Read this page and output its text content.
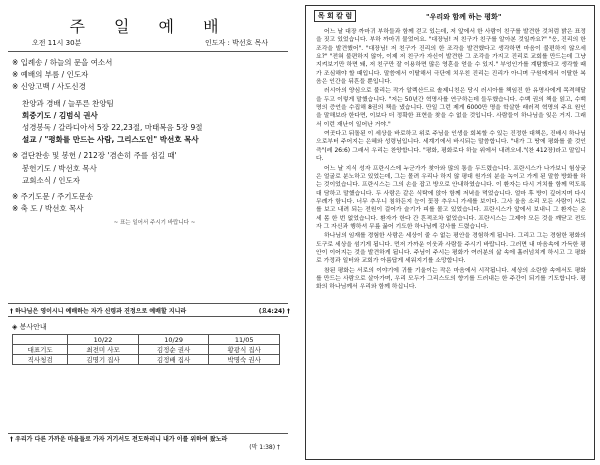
주 일 예 배
오전 11시 30분	인도자 : 박선호 목사
※ 입례송 / 하늘의 문을 여소서
※ 예배의 부름 / 인도자
※ 신앙고백 / 사도신경
찬양과 경배 / 늘푸른 찬양팀
회중기도 / 김범식 권사
성경봉독 / 갈라디아서 5장 22,23절, 마태복음 5장 9절
설교 / "평화를 만드는 사람, 그리스도인" 박선호 목사
※ 결단찬송 및 봉헌 / 212장 '겸손히 주를 섬길 때'
봉헌기도 / 박선호 목사
교회소식 / 인도자
※ 주기도문 / 주기도문송
※ 축 도 / 박선호 목사
~ 표는 일어서 주시기 바랍니다 ~
† 하나님은 영이시니 예배하는 자가 신령과 진정으로 예배할 지니라	(요4:24) †
◈ 봉사안내
	10/22	10/29	11/05
대표기도	최전미 사모	김정순 권사	황광식 집사
직사청검	김명기 집사	김정배 집사	박명숙 권사
† 우리가 다른 가까운 마을들로 가자 거기서도 전도하리니 내가 이를 위하여 왔노라
(막 1:38) †
목 회 칼 럼	"우리와 함께 하는 평화"

어느 날 대장 까마귀 부하들과 함께 걷고 있는데, 저 앞에서 한 사람이 친구를 발견한 것처럼 밝은 표정을 짓고 있었습니다. 부하 까마귀 물었어요. "대장님! 저 친구가 친구를 알아본 것일까요?" "응, 진리의 한 조각을 발견했어". "대장님! 저 친구가 진리의 한 조각을 발견했다고 생각하면 마음이 불편하지 않으세요?" "전혀 불편하지 않아, 이제 저 친구가 자신이 발견한 그 조각을 가지고 진리로 교회를 만드는데 그냥 지켜보기만 하면 돼, 저 친구만 잘 이용하면 많은 영혼을 얻을 수 있지." 부엉인가를 계탐했다고 생각할 때가 조심해야 할 때입니다. 말씀에서 이탈해서 극단에 치우친 진리는 진리가 아니며 구원에게서 이탈한 복음은 인간을 뒤흔들 뿐입니다.

러시아의 양심으로 불리는 작가 알렉산드르 솔제니친은 당시 러시아를 책임진 한 유명사에게 목격해달을 두고 이렇게 말했습니다. "저는 50년간 혁명사를 연구하는데 들두했습니다. 수백 권의 책을 읽고, 수백 명의 증언을 수집해 8권의 책을 냈습니다. 만일 그런 제게 6000만 명을 학살한 래러적 혁명의 주요 원인을 말해보라 한다면, 이보다 더 정확한 표현을 찾을 수 없을 것입니다. 사람들이 하나님을 잊은 거지. 그래서 이런 재난이 일어난 거야."

여곳다고 뒤돌된 이 세상을 바로하고 위로 주님을 인생을 회복할 수 있는 진정한 대책은, 진배시 하나님으로부터 주어지는 은혜와 성령님입니다. 세계기에서 바시되는 말씀합니다. "내가 그 땅에 평화를 줄 것인즉"(레 26:6) 그래서 우리는 찬양합니다. "평화, 평화로다 하늘 위에서 내려오네."(찬 412장)라고 말입니다.

어느 날 지식 성자 프란시스에 누군가가 찾아와 많의 통을 두드렸습니다. 프란시스가 나가보니 험상궂은 얼굴로 분노하고 있었는데, 그는 몰려 우리나 하지 않 평대 원가의 분을 녹이고 가게 된 말씀 방화를 하는 것이었습니다. 프란시스는 그의 손을 잡고 방으로 안내하였습니다. 이 환자는 다시 거치를 함께 먹도록 대 담하고 말했습니다. 두 사람은 같은 식탁에 앉아 함께 저녁을 먹었습니다. 얼마 후 방이 깊어지며 다시 무례가 함니다. 너무 추우니 침하든지 눈이 꽃장 추우니 가세를 보이다. 그사 울음 소리 모든 사람이 서로를 보고 내려 되는 전원이 걸어가 슬기가 피를 몰고 있었습니다. 프란시스가 앞에서 보내니 그 환자는 온 세 몸 한 번 없었습니다. 환자가 한다 간 흔적조차 없었습니다. 프란시스는 그제야 모든 것을 깨닫고 전도자 그 자신과 행하셔 무릎 꿇어 기도한 하나님께 감사를 드렸습니다.

하나님의 임재를 경험한 사람은 세상이 줄 수 없는 평안을 경험하게 됩니다. 그리고 그는 경험한 평화의 도구로 세상을 섬기게 됩니다. 먼저 가까운 이웃과 사람들 주시기 바랍니다. 그러면 내 마음속에 가득한 평안이 이어지는 것을 발견하게 됩니다. 주님이 주시는 평화가 여러분의 삶 속에 흘러넘치게 하시고 그 평화로 가정과 일터와 교회가 아름답게 세워지기를 소망합니다.

참된 평화는 서로의 이야기에 귀를 기울이는 작은 마음에서 시작됩니다. 세상의 소란함 속에서도 평화를 만드는 사람으로 살아가며, 우리 모두가 그리스도의 향기를 드러내는 한 주간이 되기를 기도합니다. 평화의 하나님께서 우리와 함께 하십니다.
